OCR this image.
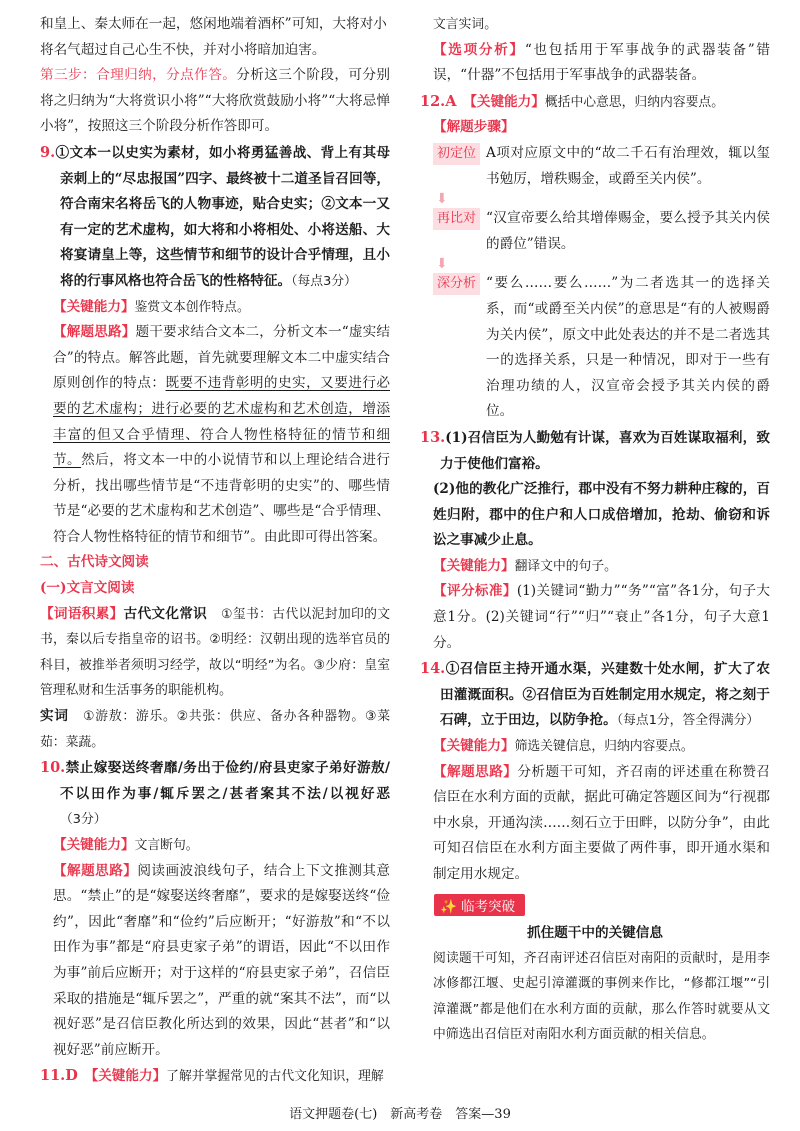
和皇上、秦太师在一起，悠闲地端着酒杯”可知，大将对小

将名气超过自己心生不快，并对小将暗加迫害。

第三步：合理归纳，分点作答。分析这三个阶段，可分别将之归纳为“大将赏识小将”“大将欣赏鼓励小将”“大将忌惮小将”，按照这三个阶段分析作答即可。

9.①文本一以史实为素材，如小将勇猛善战、背上有其母亲刺上的“尽忠报国”四字、最终被十二道圣旨召回等，符合南宋名将岳飞的人物事迹，贴合史实；②文本一又有一定的艺术虚构，如大将和小将相处、小将送船、大将宴请皇上等，这些情节和细节的设计合乎情理，且小将的行事风格也符合岳飞的性格特征。（每点3分）

【关键能力】鉴赏文本创作特点。

【解题思路】题干要求结合文本二，分析文本一“虚实结合”的特点。解答此题，首先就要理解文本二中虚实结合原则创作的特点：既要不违背彰明的史实，又要进行必要的艺术虚构；进行必要的艺术虚构和艺术创造，增添丰富的但又合乎情理、符合人物性格特征的情节和细节。然后，将文本一中的小说情节和以上理论结合进行分析，找出哪些情节是“不违背彰明的史实”的、哪些情节是“必要的艺术虚构和艺术创造”、哪些是“合乎情理、符合人物性格特征的情节和细节”。由此即可得出答案。

二、古代诗文阅读

(一)文言文阅读

【词语积累】古代文化常识  ①玺书：古代以泥封加印的文书，秦以后专指皇帝的诏书。②明经：汉朝出现的选举官员的科目，被推举者须明习经学，故以“明经”为名。③少府：皇室管理私财和生活事务的职能机构。

实词  ①游敖：游乐。②共张：供应、备办各种器物。③菜茹：菜蔬。

10.禁止嫁娶送终奢靡/务出于俭约/府县吏家子弟好游敖/不以田作为事/辄斥罢之/甚者案其不法/以视好恶（3分）

【关键能力】文言断句。

【解题思路】阅读画波浪线句子，结合上下文推测其意思。“禁止”的是“嫁娶送终奢靡”，要求的是嫁娶送终“俭约”，因此“奢靡”和“俭约”后应断开；“好游敖”和“不以田作为事”都是“府县吏家子弟”的谓语，因此“不以田作为事”前后应断开；对于这样的“府县吏家子弟”，召信臣采取的措施是“辄斥罢之”，严重的就“案其不法”，而“以视好恶”是召信臣教化所达到的效果，因此“甚者”和“以视好恶”前应断开。

11.D  【关键能力】了解并掌握常见的古代文化知识，理解

文言实词。

【选项分析】“也包括用于军事战争的武器装备”错误，“什器”不包括用于军事战争的武器装备。

12.A  【关键能力】概括中心意思，归纳内容要点。

【解题步骤】

初定位 A项对应原文中的“故二千石有治理效，辄以玺书勉厉，增秩赐金，或爵至关内侯”。

⬇
再比对 “汉宣帝要么给其增俸赐金，要么授予其关内侯的爵位”错误。

⬇
深分析 “要么……要么……”为二者选其一的选择关系，而“或爵至关内侯”的意思是“有的人被赐爵为关内侯”，原文中此处表达的并不是二者选其一的选择关系，只是一种情况，即对于一些有治理功绩的人，汉宣帝会授予其关内侯的爵位。

13.(1)召信臣为人勤勉有计谋，喜欢为百姓谋取福利，致力于使他们富裕。

(2)他的教化广泛推行，郡中没有不努力耕种庄稼的，百姓归附，郡中的住户和人口成倍增加，抢劫、偷窃和诉讼之事减少止息。

【关键能力】翻译文中的句子。

【评分标准】(1)关键词“勤力”“务”“富”各1分，句子大意1分。(2)关键词“行”“归”“衰止”各1分，句子大意1分。

14.①召信臣主持开通水渠，兴建数十处水闸，扩大了农田灌溉面积。②召信臣为百姓制定用水规定，将之刻于石碑，立于田边，以防争抢。（每点1分，答全得满分）

【关键能力】筛选关键信息，归纳内容要点。

【解题思路】分析题干可知，齐召南的评述重在称赞召信臣在水利方面的贡献，据此可确定答题区间为“行视郡中水泉，开通沟渎……刻石立于田畔，以防分争”，由此可知召信臣在水利方面主要做了两件事，即开通水渠和制定用水规定。

✨ 临考突破
抓住题干中的关键信息

阅读题干可知，齐召南评述召信臣对南阳的贡献时，是用李冰修都江堰、史起引漳灌溉的事例来作比，“修都江堰”“引漳灌溉”都是他们在水利方面的贡献，那么作答时就要从文中筛选出召信臣对南阳水利方面贡献的相关信息。

语文押题卷(七)　新高考卷　答案—39
